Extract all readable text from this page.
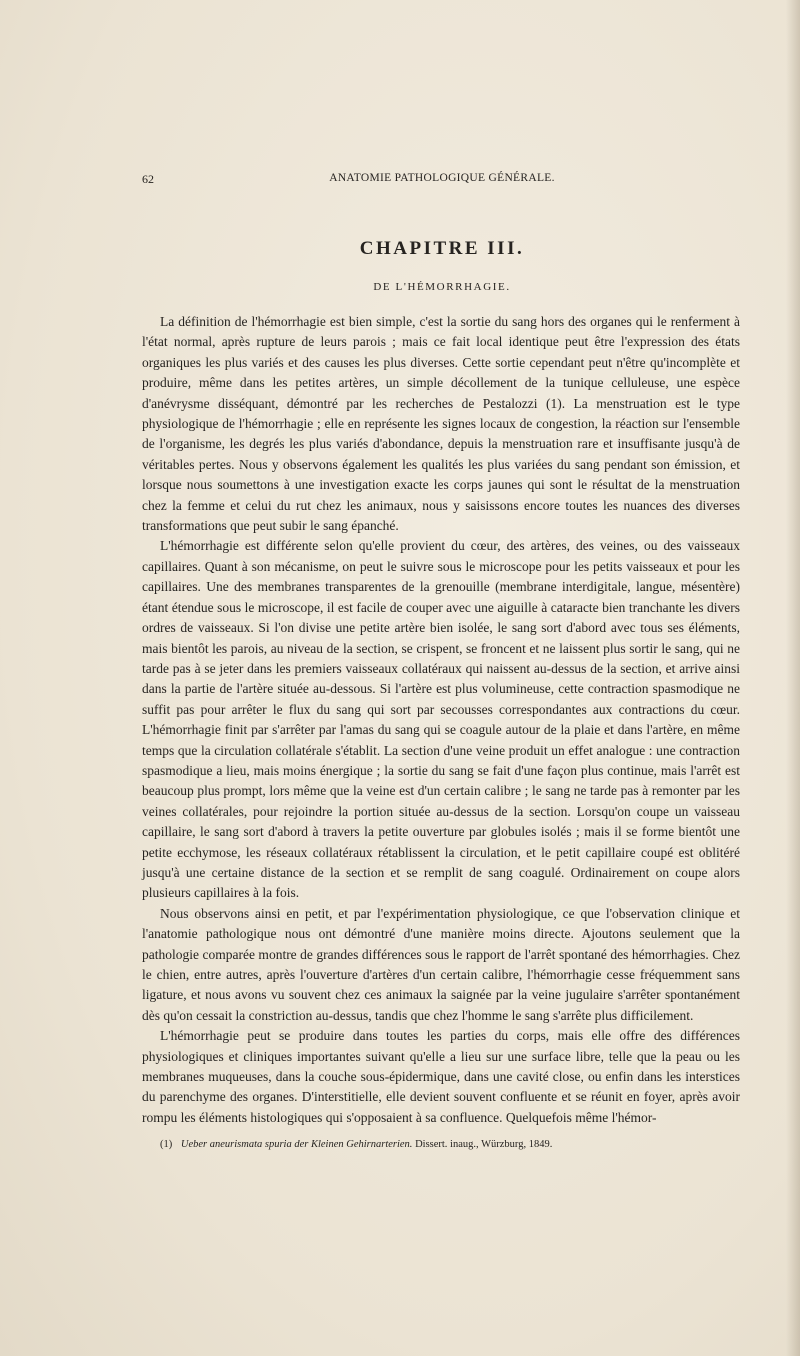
62	ANATOMIE PATHOLOGIQUE GÉNÉRALE.
CHAPITRE III.
DE L'HÉMORRHAGIE.

La définition de l'hémorrhagie est bien simple, c'est la sortie du sang hors des organes qui le renferment à l'état normal, après rupture de leurs parois ; mais ce fait local identique peut être l'expression des états organiques les plus variés et des causes les plus diverses. Cette sortie cependant peut n'être qu'incomplète et produire, même dans les petites artères, un simple décollement de la tunique celluleuse, une espèce d'anévrysme disséquant, démontré par les recherches de Pestalozzi (1). La menstruation est le type physiologique de l'hémorrhagie ; elle en représente les signes locaux de congestion, la réaction sur l'ensemble de l'organisme, les degrés les plus variés d'abondance, depuis la menstruation rare et insuffisante jusqu'à de véritables pertes. Nous y observons également les qualités les plus variées du sang pendant son émission, et lorsque nous soumettons à une investigation exacte les corps jaunes qui sont le résultat de la menstruation chez la femme et celui du rut chez les animaux, nous y saisissons encore toutes les nuances des diverses transformations que peut subir le sang épanché.

L'hémorrhagie est différente selon qu'elle provient du cœur, des artères, des veines, ou des vaisseaux capillaires. Quant à son mécanisme, on peut le suivre sous le microscope pour les petits vaisseaux et pour les capillaires. Une des membranes transparentes de la grenouille (membrane interdigitale, langue, mésentère) étant étendue sous le microscope, il est facile de couper avec une aiguille à cataracte bien tranchante les divers ordres de vaisseaux. Si l'on divise une petite artère bien isolée, le sang sort d'abord avec tous ses éléments, mais bientôt les parois, au niveau de la section, se crispent, se froncent et ne laissent plus sortir le sang, qui ne tarde pas à se jeter dans les premiers vaisseaux collatéraux qui naissent au-dessus de la section, et arrive ainsi dans la partie de l'artère située au-dessous. Si l'artère est plus volumineuse, cette contraction spasmodique ne suffit pas pour arrêter le flux du sang qui sort par secousses correspondantes aux contractions du cœur. L'hémorrhagie finit par s'arrêter par l'amas du sang qui se coagule autour de la plaie et dans l'artère, en même temps que la circulation collatérale s'établit. La section d'une veine produit un effet analogue : une contraction spasmodique a lieu, mais moins énergique ; la sortie du sang se fait d'une façon plus continue, mais l'arrêt est beaucoup plus prompt, lors même que la veine est d'un certain calibre ; le sang ne tarde pas à remonter par les veines collatérales, pour rejoindre la portion située au-dessus de la section. Lorsqu'on coupe un vaisseau capillaire, le sang sort d'abord à travers la petite ouverture par globules isolés ; mais il se forme bientôt une petite ecchymose, les réseaux collatéraux rétablissent la circulation, et le petit capillaire coupé est oblitéré jusqu'à une certaine distance de la section et se remplit de sang coagulé. Ordinairement on coupe alors plusieurs capillaires à la fois.

Nous observons ainsi en petit, et par l'expérimentation physiologique, ce que l'observation clinique et l'anatomie pathologique nous ont démontré d'une manière moins directe. Ajoutons seulement que la pathologie comparée montre de grandes différences sous le rapport de l'arrêt spontané des hémorrhagies. Chez le chien, entre autres, après l'ouverture d'artères d'un certain calibre, l'hémorrhagie cesse fréquemment sans ligature, et nous avons vu souvent chez ces animaux la saignée par la veine jugulaire s'arrêter spontanément dès qu'on cessait la constriction au-dessus, tandis que chez l'homme le sang s'arrête plus difficilement.

L'hémorrhagie peut se produire dans toutes les parties du corps, mais elle offre des différences physiologiques et cliniques importantes suivant qu'elle a lieu sur une surface libre, telle que la peau ou les membranes muqueuses, dans la couche sous-épidermique, dans une cavité close, ou enfin dans les interstices du parenchyme des organes. D'interstitielle, elle devient souvent confluente et se réunit en foyer, après avoir rompu les éléments histologiques qui s'opposaient à sa confluence. Quelquefois même l'hémor-

(1) Ueber aneurismata spuria der Kleinen Gehirnarterien. Dissert. inaug., Würzburg, 1849.
